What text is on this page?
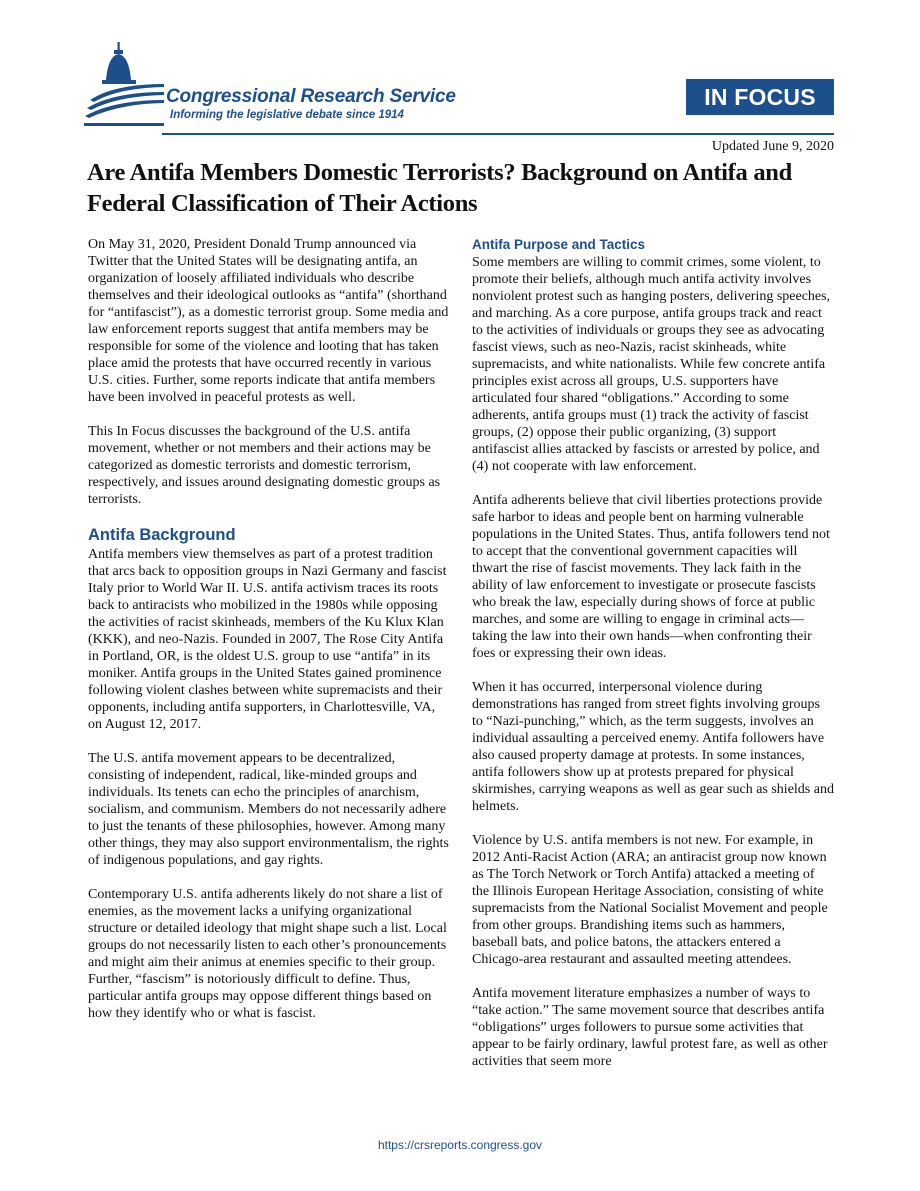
Congressional Research Service
Informing the legislative debate since 1914
IN FOCUS
Updated June 9, 2020
Are Antifa Members Domestic Terrorists? Background on Antifa and Federal Classification of Their Actions

On May 31, 2020, President Donald Trump announced via Twitter that the United States will be designating antifa, an organization of loosely affiliated individuals who describe themselves and their ideological outlooks as “antifa” (shorthand for “antifascist”), as a domestic terrorist group. Some media and law enforcement reports suggest that antifa members may be responsible for some of the violence and looting that has taken place amid the protests that have occurred recently in various U.S. cities. Further, some reports indicate that antifa members have been involved in peaceful protests as well.

This In Focus discusses the background of the U.S. antifa movement, whether or not members and their actions may be categorized as domestic terrorists and domestic terrorism, respectively, and issues around designating domestic groups as terrorists.

Antifa Background

Antifa members view themselves as part of a protest tradition that arcs back to opposition groups in Nazi Germany and fascist Italy prior to World War II. U.S. antifa activism traces its roots back to antiracists who mobilized in the 1980s while opposing the activities of racist skinheads, members of the Ku Klux Klan (KKK), and neo-Nazis. Founded in 2007, The Rose City Antifa in Portland, OR, is the oldest U.S. group to use “antifa” in its moniker. Antifa groups in the United States gained prominence following violent clashes between white supremacists and their opponents, including antifa supporters, in Charlottesville, VA, on August 12, 2017.

The U.S. antifa movement appears to be decentralized, consisting of independent, radical, like-minded groups and individuals. Its tenets can echo the principles of anarchism, socialism, and communism. Members do not necessarily adhere to just the tenants of these philosophies, however. Among many other things, they may also support environmentalism, the rights of indigenous populations, and gay rights.

Contemporary U.S. antifa adherents likely do not share a list of enemies, as the movement lacks a unifying organizational structure or detailed ideology that might shape such a list. Local groups do not necessarily listen to each other’s pronouncements and might aim their animus at enemies specific to their group. Further, “fascism” is notoriously difficult to define. Thus, particular antifa groups may oppose different things based on how they identify who or what is fascist.

Antifa Purpose and Tactics

Some members are willing to commit crimes, some violent, to promote their beliefs, although much antifa activity involves nonviolent protest such as hanging posters, delivering speeches, and marching. As a core purpose, antifa groups track and react to the activities of individuals or groups they see as advocating fascist views, such as neo-Nazis, racist skinheads, white supremacists, and white nationalists. While few concrete antifa principles exist across all groups, U.S. supporters have articulated four shared “obligations.” According to some adherents, antifa groups must (1) track the activity of fascist groups, (2) oppose their public organizing, (3) support antifascist allies attacked by fascists or arrested by police, and (4) not cooperate with law enforcement.

Antifa adherents believe that civil liberties protections provide safe harbor to ideas and people bent on harming vulnerable populations in the United States. Thus, antifa followers tend not to accept that the conventional government capacities will thwart the rise of fascist movements. They lack faith in the ability of law enforcement to investigate or prosecute fascists who break the law, especially during shows of force at public marches, and some are willing to engage in criminal acts—taking the law into their own hands—when confronting their foes or expressing their own ideas.

When it has occurred, interpersonal violence during demonstrations has ranged from street fights involving groups to “Nazi-punching,” which, as the term suggests, involves an individual assaulting a perceived enemy. Antifa followers have also caused property damage at protests. In some instances, antifa followers show up at protests prepared for physical skirmishes, carrying weapons as well as gear such as shields and helmets.

Violence by U.S. antifa members is not new. For example, in 2012 Anti-Racist Action (ARA; an antiracist group now known as The Torch Network or Torch Antifa) attacked a meeting of the Illinois European Heritage Association, consisting of white supremacists from the National Socialist Movement and people from other groups. Brandishing items such as hammers, baseball bats, and police batons, the attackers entered a Chicago-area restaurant and assaulted meeting attendees.

Antifa movement literature emphasizes a number of ways to “take action.” The same movement source that describes antifa “obligations” urges followers to pursue some activities that appear to be fairly ordinary, lawful protest fare, as well as other activities that seem more

https://crsreports.congress.gov
